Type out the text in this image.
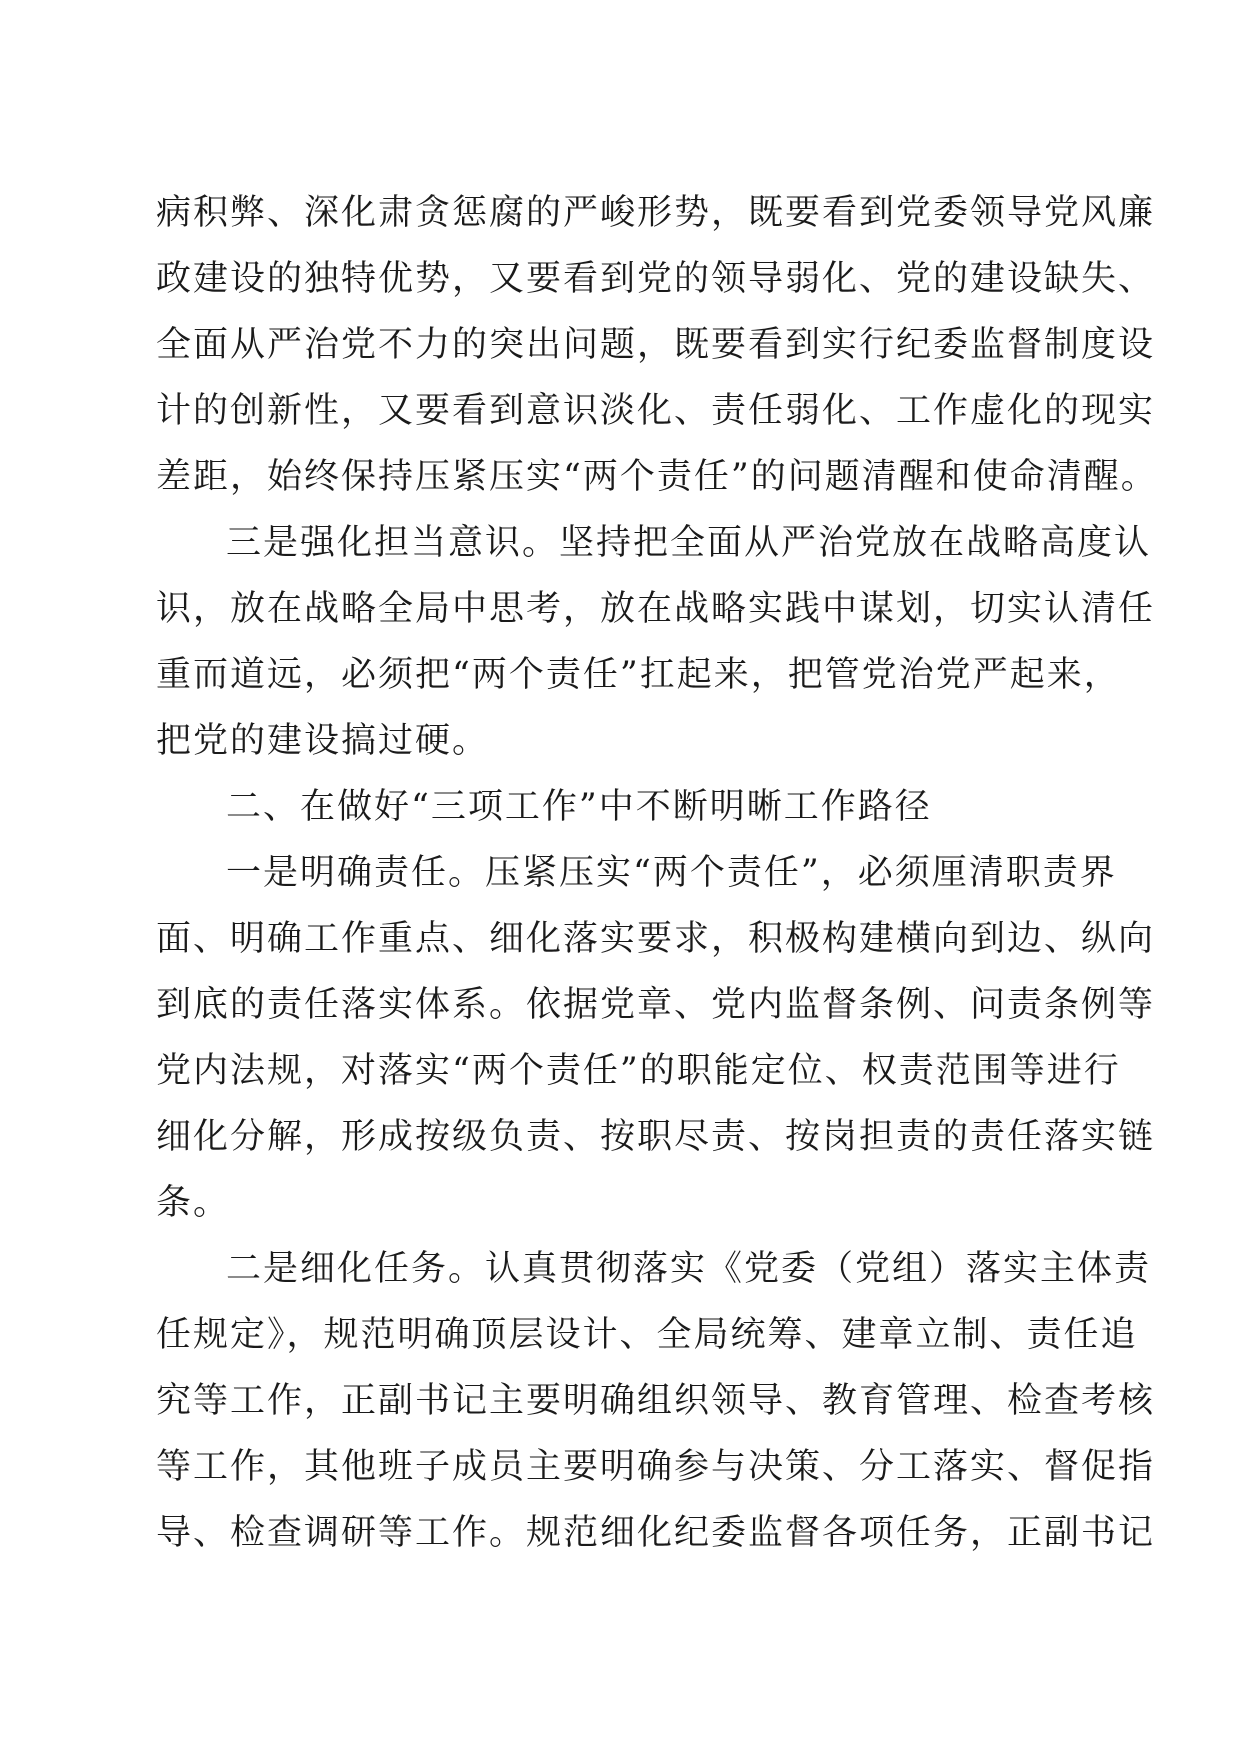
病积弊、深化肃贪惩腐的严峻形势，既要看到党委领导党风廉
政建设的独特优势，又要看到党的领导弱化、党的建设缺失、
全面从严治党不力的突出问题，既要看到实行纪委监督制度设
计的创新性，又要看到意识淡化、责任弱化、工作虚化的现实
差距，始终保持压紧压实“两个责任”的问题清醒和使命清醒。
三是强化担当意识。坚持把全面从严治党放在战略高度认
识，放在战略全局中思考，放在战略实践中谋划，切实认清任
重而道远，必须把“两个责任”扛起来，把管党治党严起来，
把党的建设搞过硬。
二、在做好“三项工作”中不断明晰工作路径
一是明确责任。压紧压实“两个责任”，必须厘清职责界
面、明确工作重点、细化落实要求，积极构建横向到边、纵向
到底的责任落实体系。依据党章、党内监督条例、问责条例等
党内法规，对落实“两个责任”的职能定位、权责范围等进行
细化分解，形成按级负责、按职尽责、按岗担责的责任落实链
条。
二是细化任务。认真贯彻落实《党委（党组）落实主体责
任规定》，规范明确顶层设计、全局统筹、建章立制、责任追
究等工作，正副书记主要明确组织领导、教育管理、检查考核
等工作，其他班子成员主要明确参与决策、分工落实、督促指
导、检查调研等工作。规范细化纪委监督各项任务，正副书记
